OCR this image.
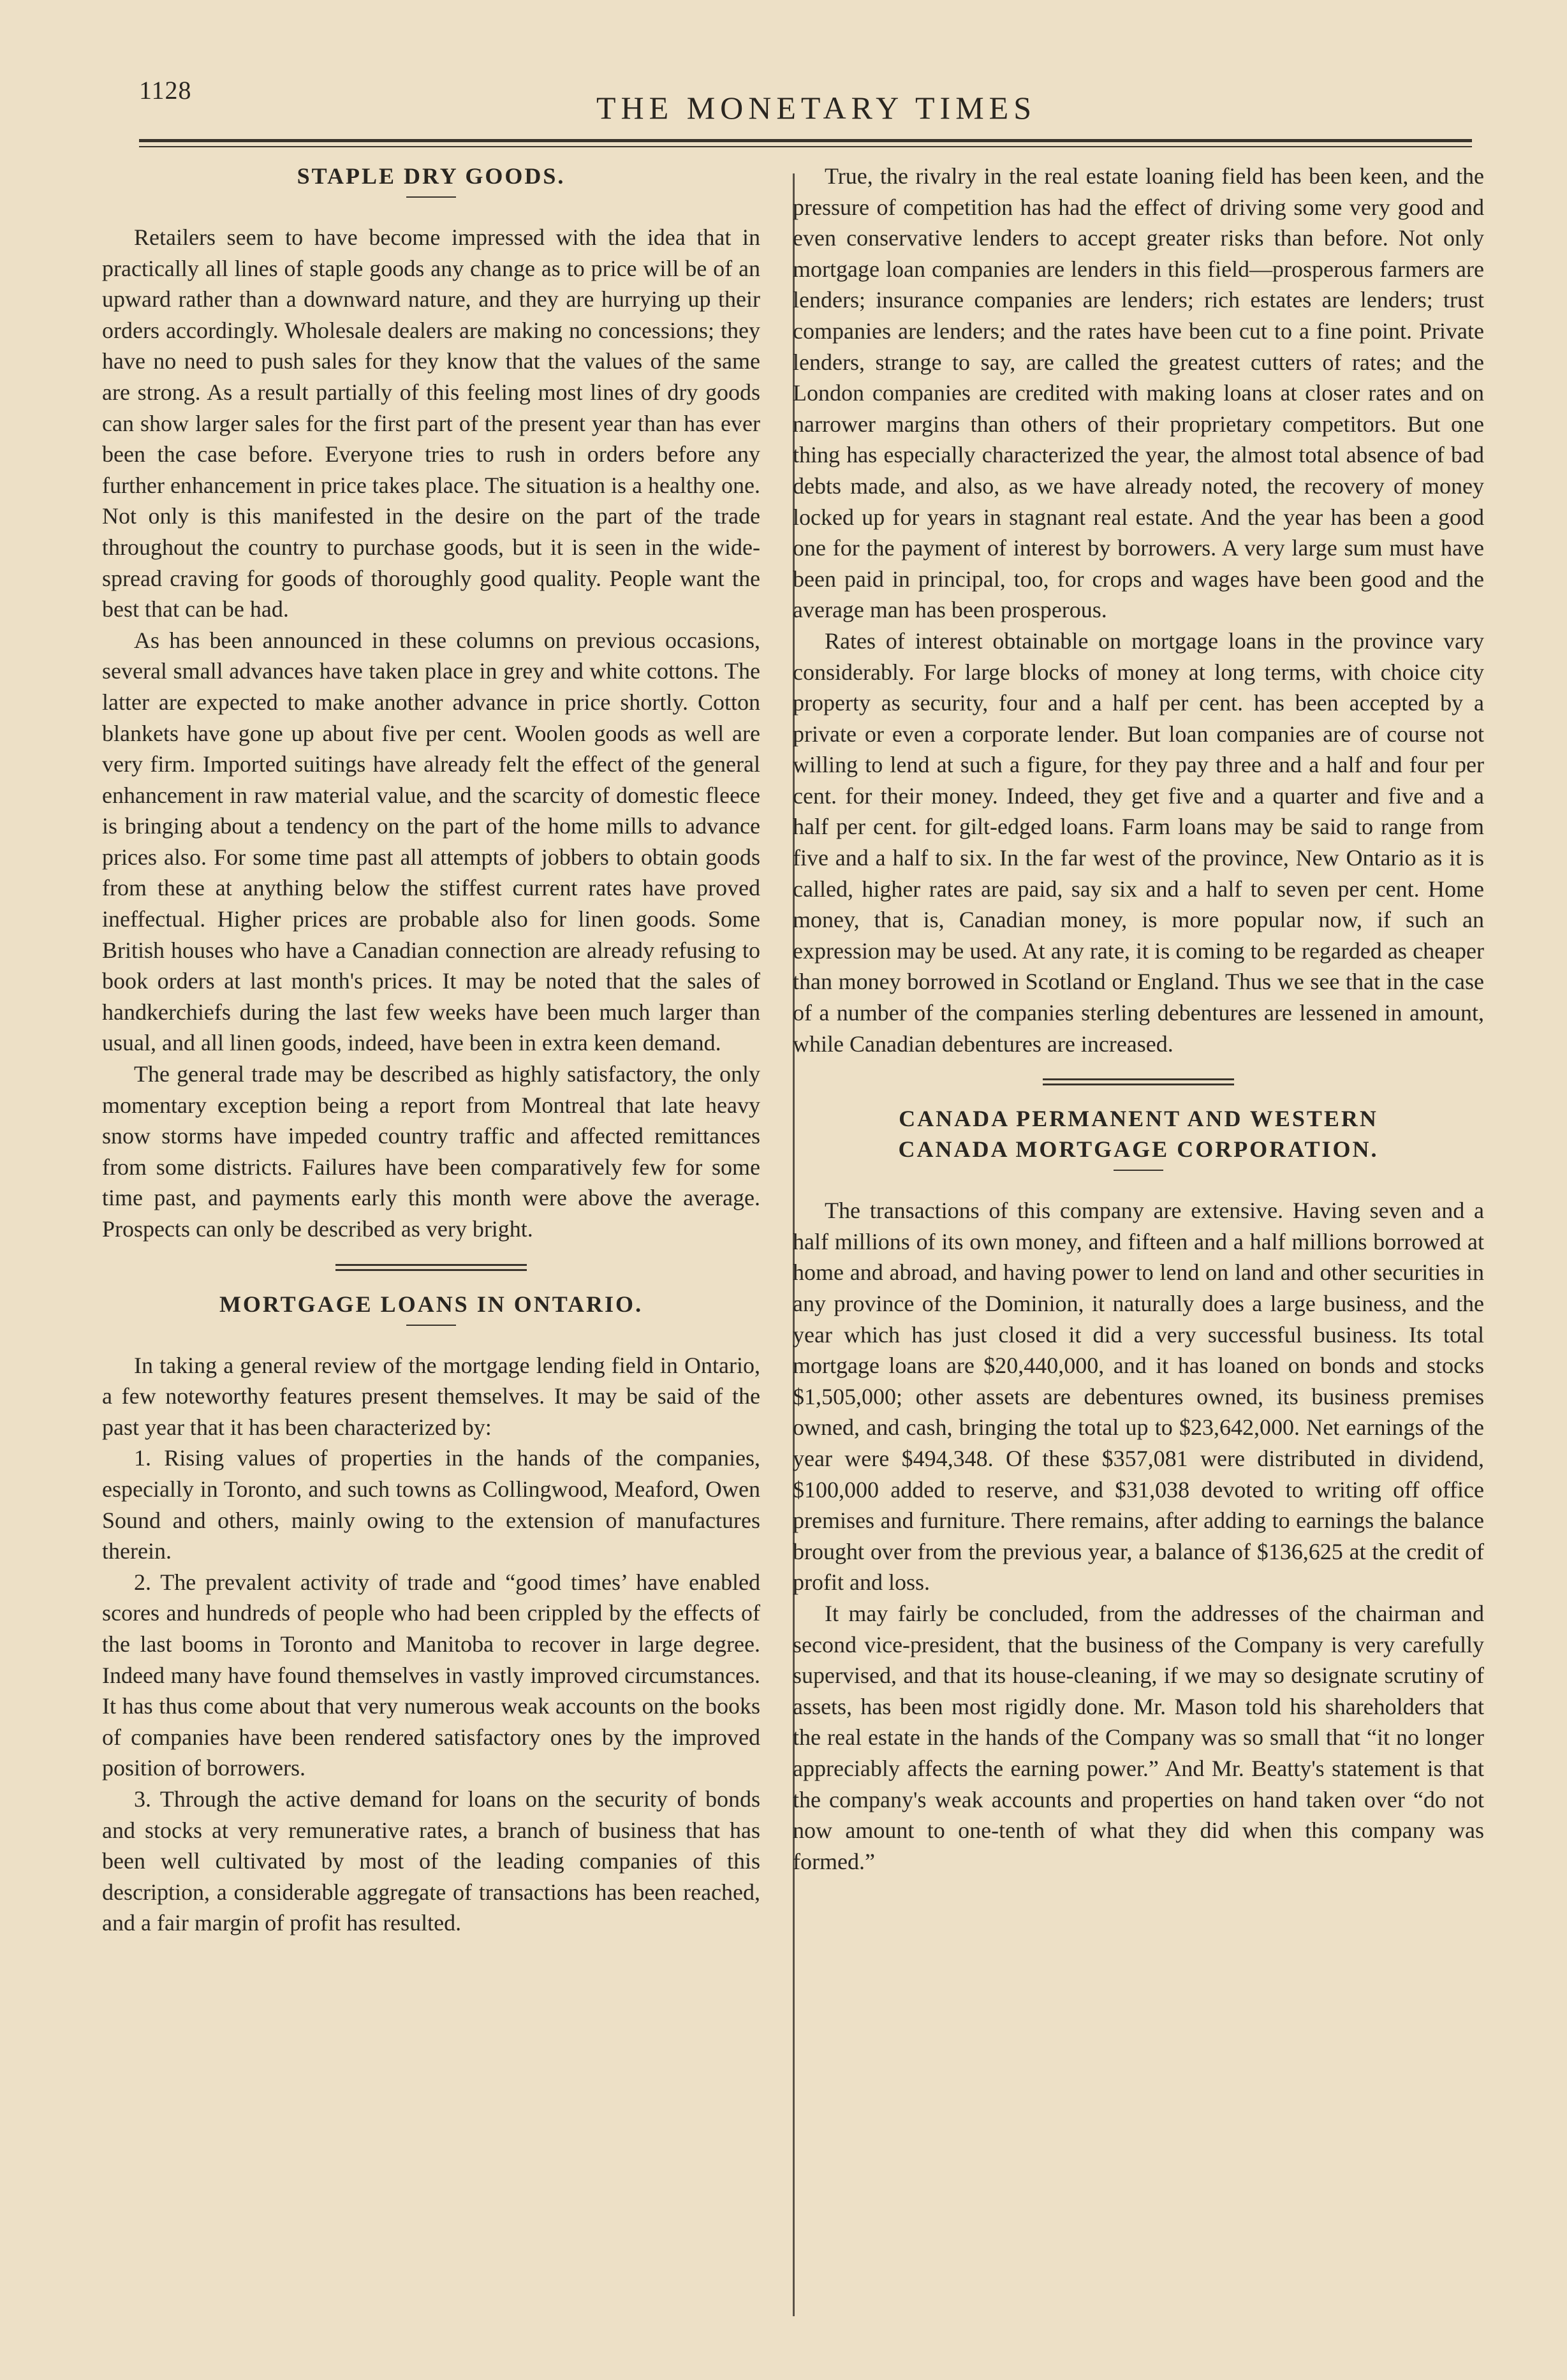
1128	THE MONETARY TIMES
STAPLE DRY GOODS.

Retailers seem to have become impressed with the idea that in practically all lines of staple goods any change as to price will be of an upward rather than a downward nature, and they are hurrying up their orders accordingly. Wholesale dealers are making no concessions; they have no need to push sales for they know that the values of the same are strong. As a result partially of this feeling most lines of dry goods can show larger sales for the first part of the present year than has ever been the case before. Everyone tries to rush in orders before any further enhancement in price takes place. The situation is a healthy one. Not only is this manifested in the desire on the part of the trade throughout the country to purchase goods, but it is seen in the wide-spread craving for goods of thoroughly good quality. People want the best that can be had.

As has been announced in these columns on previous occasions, several small advances have taken place in grey and white cottons. The latter are expected to make another advance in price shortly. Cotton blankets have gone up about five per cent. Woolen goods as well are very firm. Imported suitings have already felt the effect of the general enhancement in raw material value, and the scarcity of domestic fleece is bringing about a tendency on the part of the home mills to advance prices also. For some time past all attempts of jobbers to obtain goods from these at anything below the stiffest current rates have proved ineffectual. Higher prices are probable also for linen goods. Some British houses who have a Canadian connection are already refusing to book orders at last month's prices. It may be noted that the sales of handkerchiefs during the last few weeks have been much larger than usual, and all linen goods, indeed, have been in extra keen demand.

The general trade may be described as highly satisfactory, the only momentary exception being a report from Montreal that late heavy snow storms have impeded country traffic and affected remittances from some districts. Failures have been comparatively few for some time past, and payments early this month were above the average. Prospects can only be described as very bright.

MORTGAGE LOANS IN ONTARIO.

In taking a general review of the mortgage lending field in Ontario, a few noteworthy features present themselves. It may be said of the past year that it has been characterized by:

1. Rising values of properties in the hands of the companies, especially in Toronto, and such towns as Collingwood, Meaford, Owen Sound and others, mainly owing to the extension of manufactures therein.

2. The prevalent activity of trade and “good times’ have enabled scores and hundreds of people who had been crippled by the effects of the last booms in Toronto and Manitoba to recover in large degree. Indeed many have found themselves in vastly improved circumstances. It has thus come about that very numerous weak accounts on the books of companies have been rendered satisfactory ones by the improved position of borrowers.

3. Through the active demand for loans on the security of bonds and stocks at very remunerative rates, a branch of business that has been well cultivated by most of the leading companies of this description, a considerable aggregate of transactions has been reached, and a fair margin of profit has resulted.

True, the rivalry in the real estate loaning field has been keen, and the pressure of competition has had the effect of driving some very good and even conservative lenders to accept greater risks than before. Not only mortgage loan companies are lenders in this field—prosperous farmers are lenders; insurance companies are lenders; rich estates are lenders; trust companies are lenders; and the rates have been cut to a fine point. Private lenders, strange to say, are called the greatest cutters of rates; and the London companies are credited with making loans at closer rates and on narrower margins than others of their proprietary competitors. But one thing has especially characterized the year, the almost total absence of bad debts made, and also, as we have already noted, the recovery of money locked up for years in stagnant real estate. And the year has been a good one for the payment of interest by borrowers. A very large sum must have been paid in principal, too, for crops and wages have been good and the average man has been prosperous.

Rates of interest obtainable on mortgage loans in the province vary considerably. For large blocks of money at long terms, with choice city property as security, four and a half per cent. has been accepted by a private or even a corporate lender. But loan companies are of course not willing to lend at such a figure, for they pay three and a half and four per cent. for their money. Indeed, they get five and a quarter and five and a half per cent. for gilt-edged loans. Farm loans may be said to range from five and a half to six. In the far west of the province, New Ontario as it is called, higher rates are paid, say six and a half to seven per cent. Home money, that is, Canadian money, is more popular now, if such an expression may be used. At any rate, it is coming to be regarded as cheaper than money borrowed in Scotland or England. Thus we see that in the case of a number of the companies sterling debentures are lessened in amount, while Canadian debentures are increased.

CANADA PERMANENT AND WESTERN
CANADA MORTGAGE CORPORATION.

The transactions of this company are extensive. Having seven and a half millions of its own money, and fifteen and a half millions borrowed at home and abroad, and having power to lend on land and other securities in any province of the Dominion, it naturally does a large business, and the year which has just closed it did a very successful business. Its total mortgage loans are $20,440,000, and it has loaned on bonds and stocks $1,505,000; other assets are debentures owned, its business premises owned, and cash, bringing the total up to $23,642,000. Net earnings of the year were $494,348. Of these $357,081 were distributed in dividend, $100,000 added to reserve, and $31,038 devoted to writing off office premises and furniture. There remains, after adding to earnings the balance brought over from the previous year, a balance of $136,625 at the credit of profit and loss.

It may fairly be concluded, from the addresses of the chairman and second vice-president, that the business of the Company is very carefully supervised, and that its house-cleaning, if we may so designate scrutiny of assets, has been most rigidly done. Mr. Mason told his shareholders that the real estate in the hands of the Company was so small that “it no longer appreciably affects the earning power.” And Mr. Beatty's statement is that the company's weak accounts and properties on hand taken over “do not now amount to one-tenth of what they did when this company was formed.”
